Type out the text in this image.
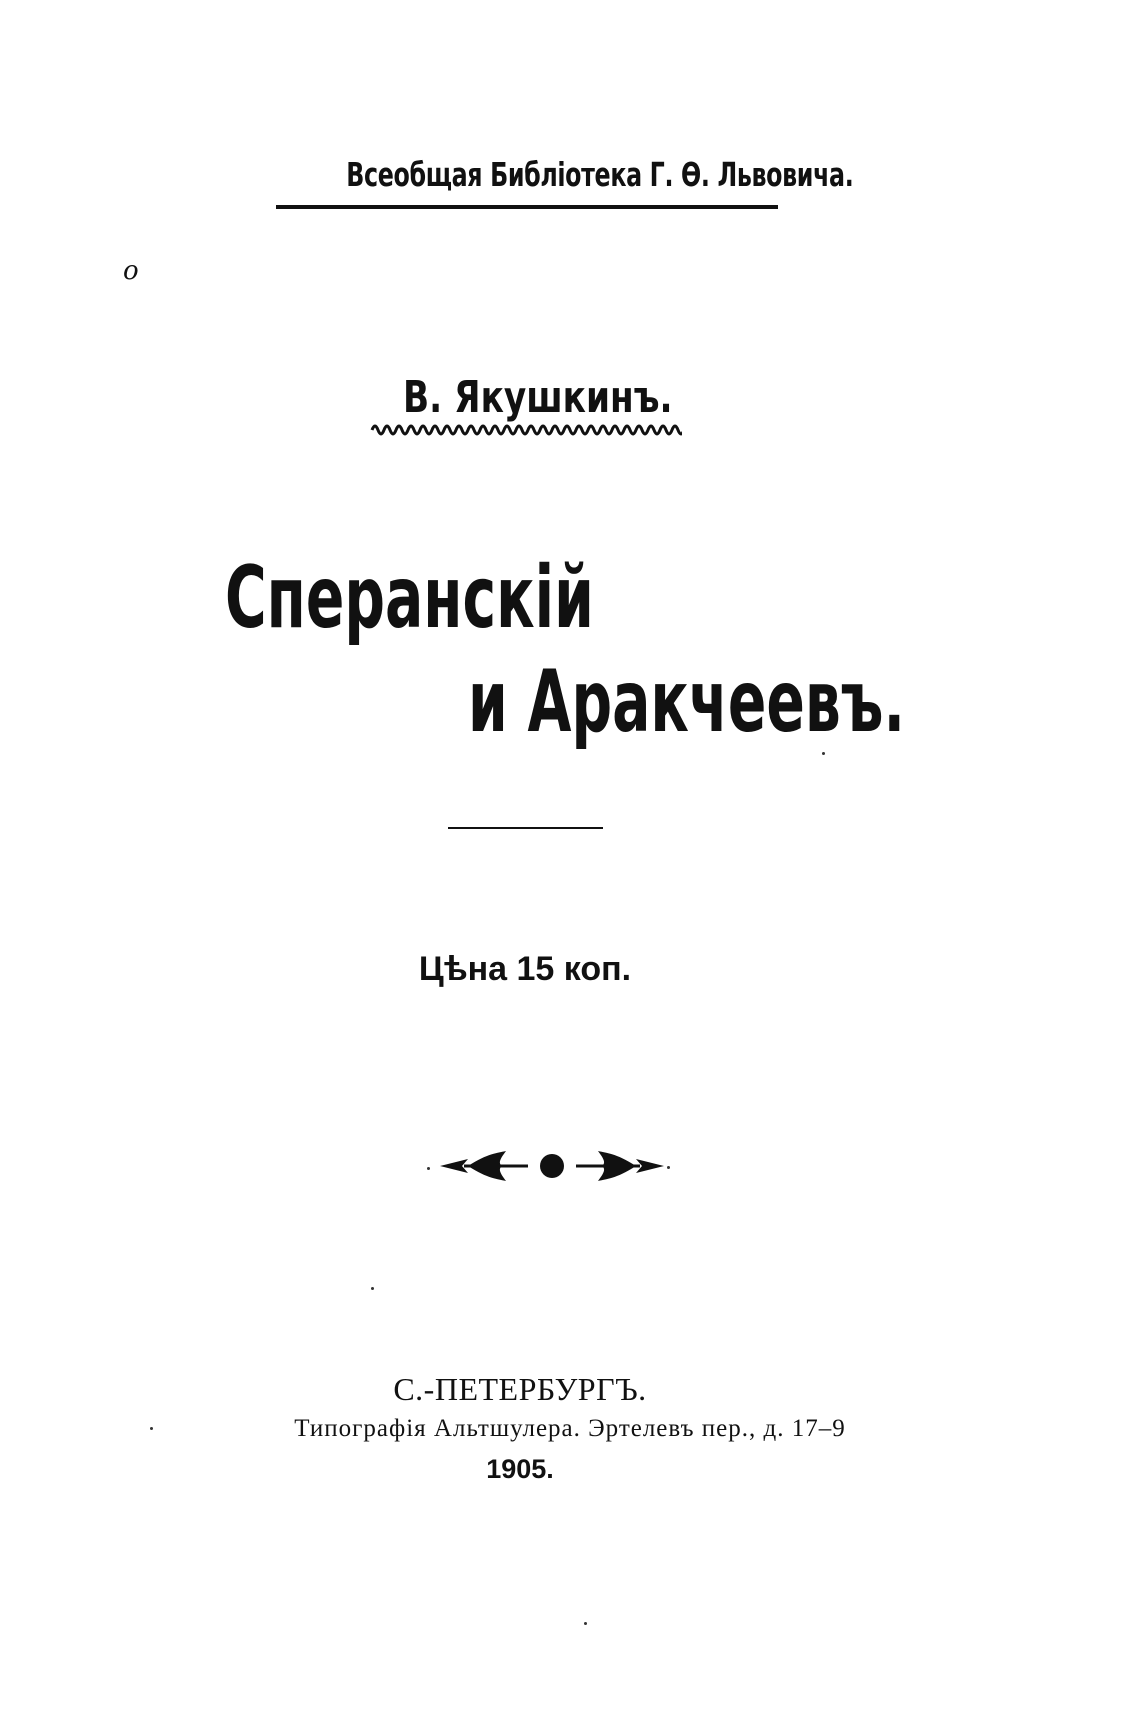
Всеобщая Библіотека Г. Ө. Львовича.
о
В. Якушкинъ.
Сперанскій
и Аракчеевъ.
Цѣна 15 коп.
С.-ПЕТЕРБУРГЪ.
Типографія Альтшулера. Эртелевъ пер., д. 17–9
1905.
